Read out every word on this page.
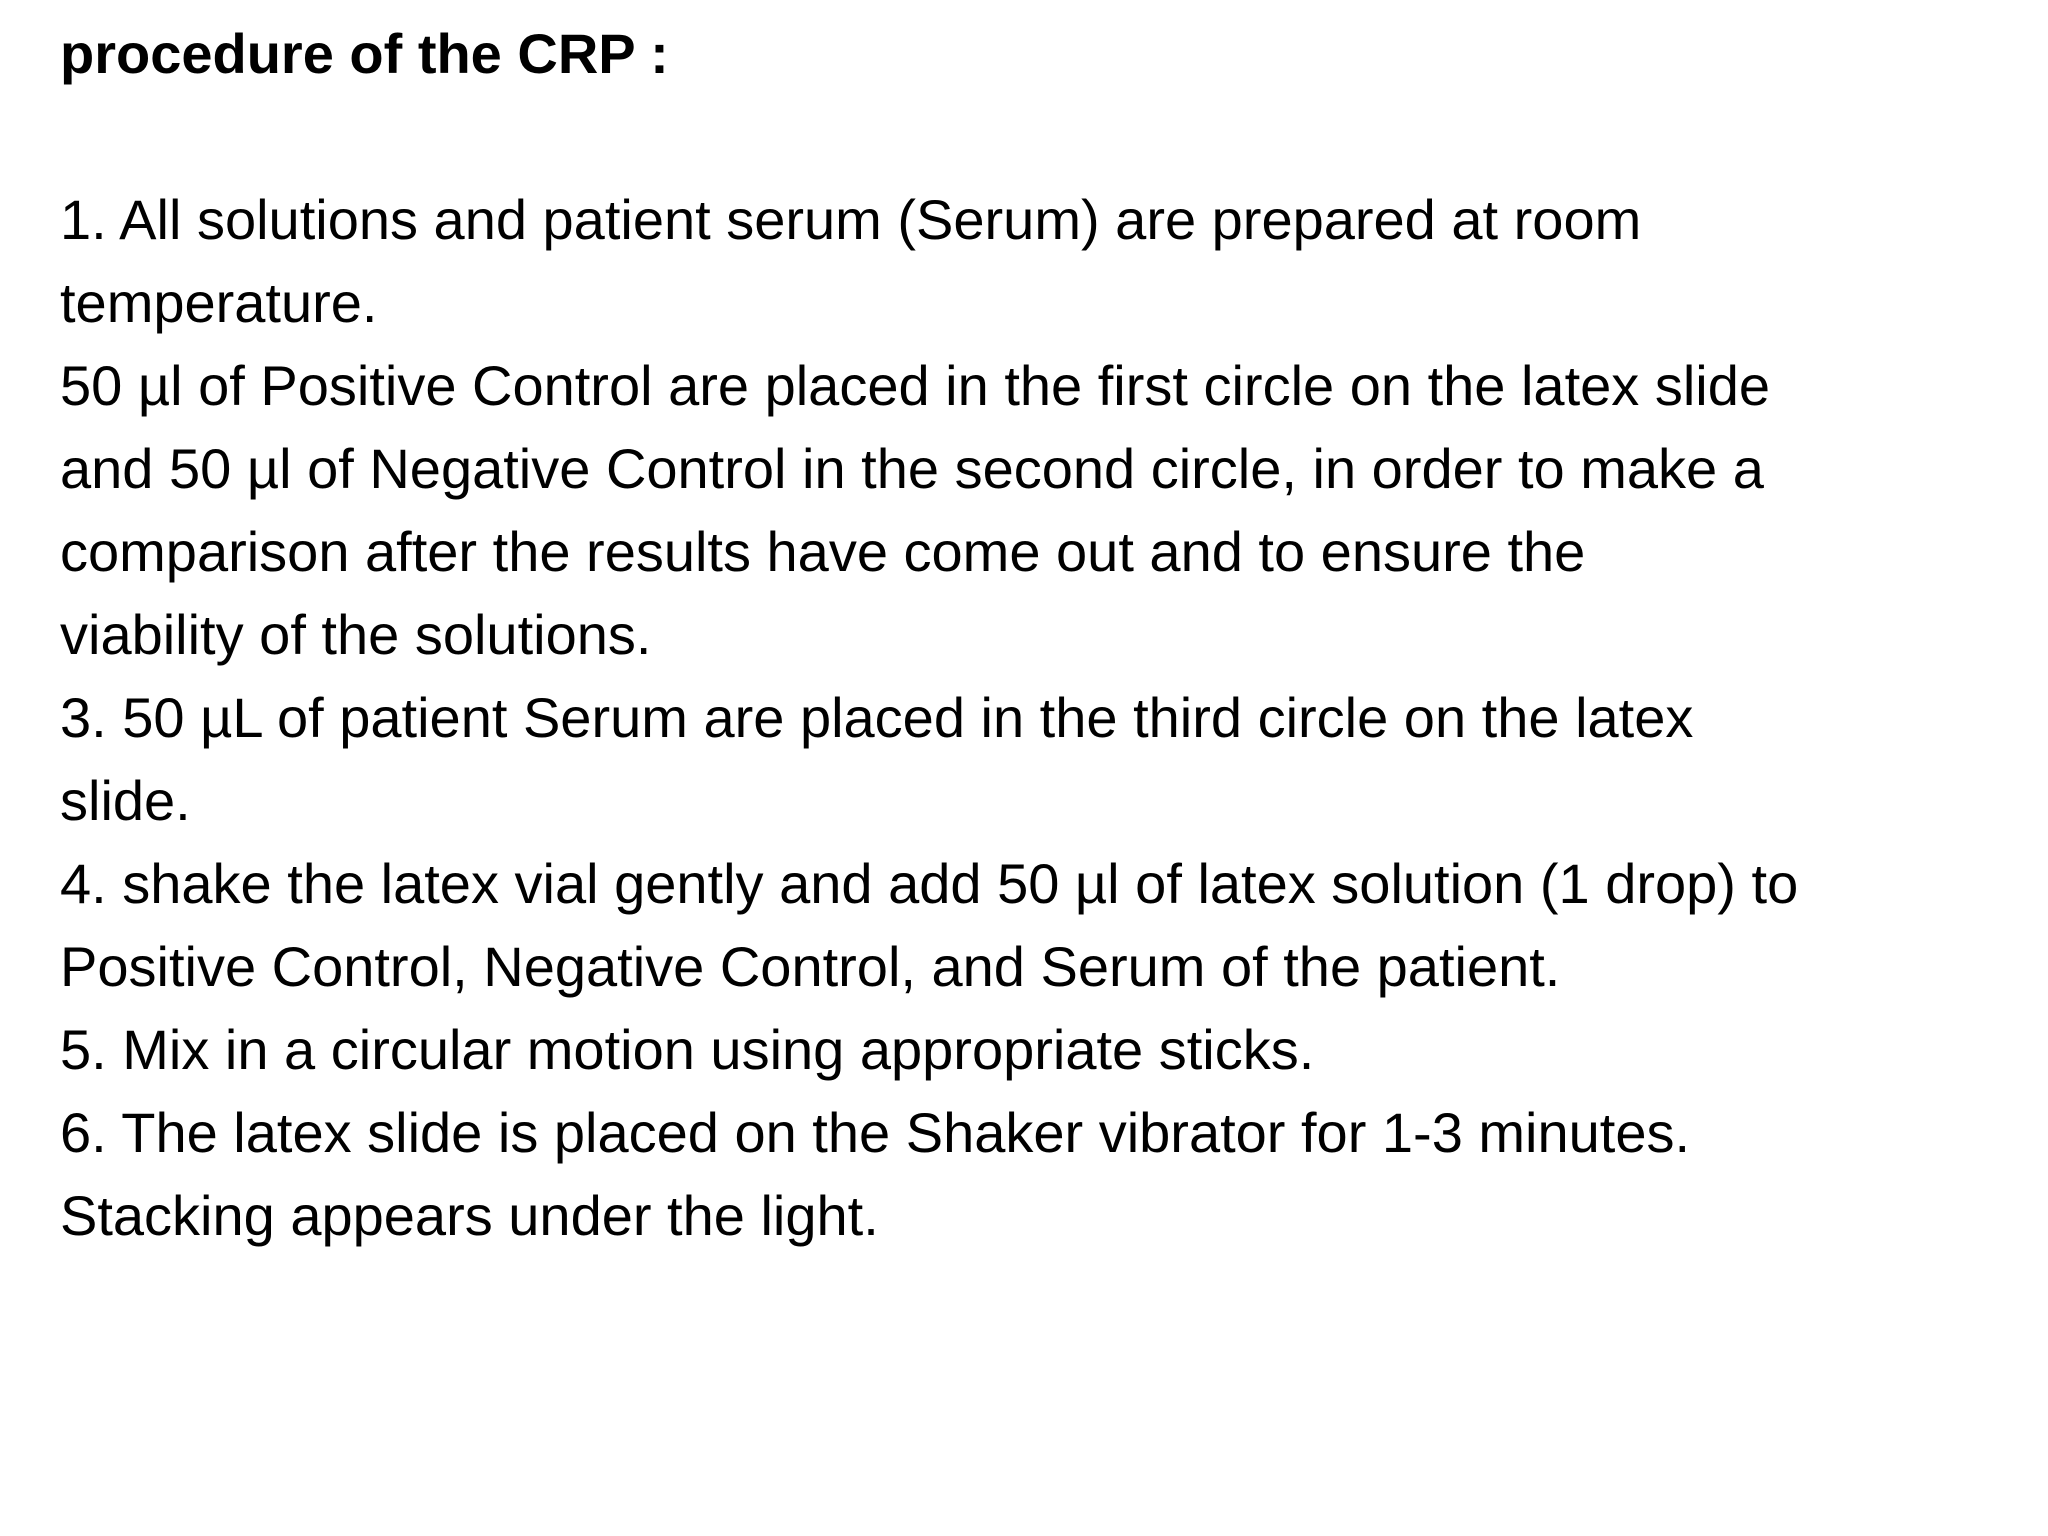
procedure of the CRP :
1. All solutions and patient serum (Serum) are prepared at room
temperature.
50 µl of Positive Control are placed in the first circle on the latex slide
and 50 µl of Negative Control in the second circle, in order to make a
comparison after the results have come out and to ensure the
viability of the solutions.
3. 50 µL of patient Serum are placed in the third circle on the latex
slide.
4. shake the latex vial gently and add 50 µl of latex solution (1 drop) to
Positive Control, Negative Control, and Serum of the patient.
5. Mix in a circular motion using appropriate sticks.
6. The latex slide is placed on the Shaker vibrator for 1-3 minutes.
Stacking appears under the light.
